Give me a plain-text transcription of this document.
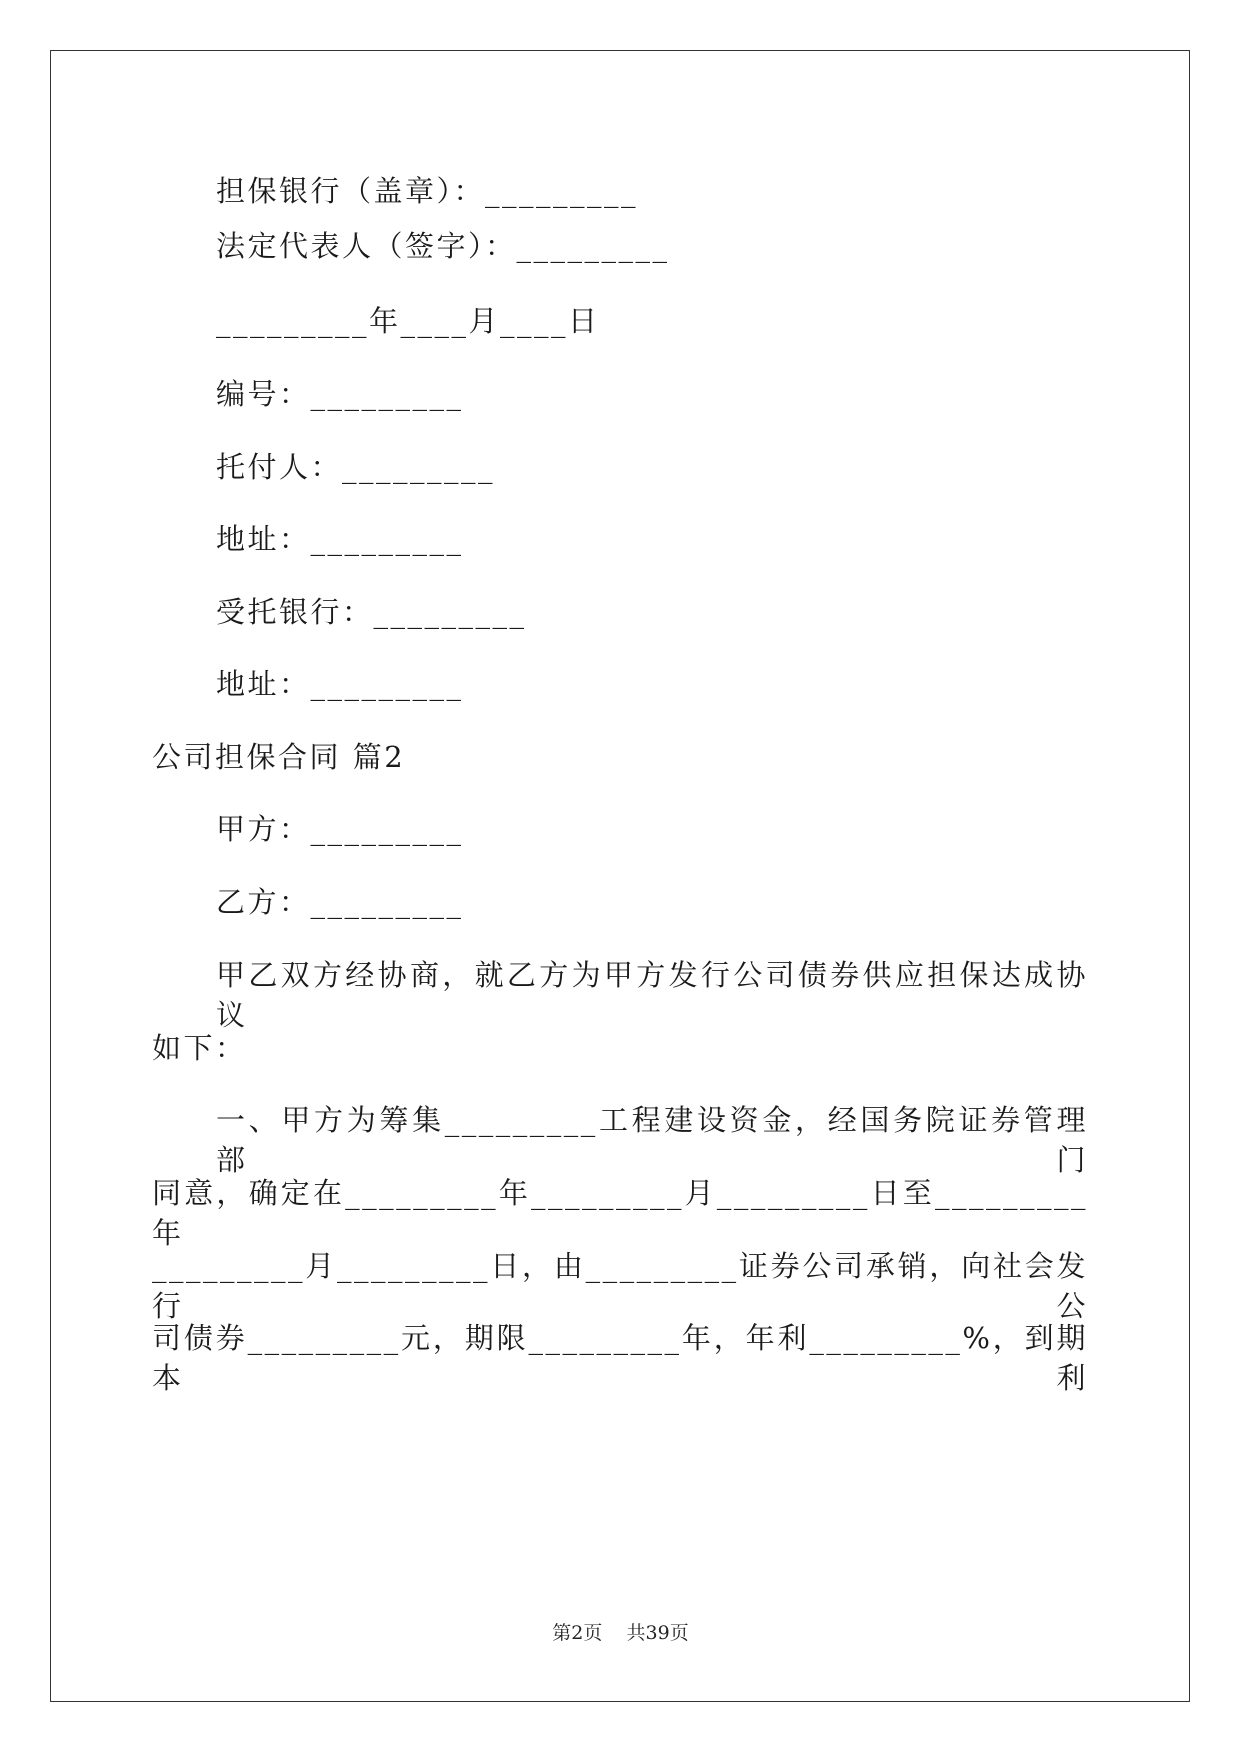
担保银行（盖章）：_________
法定代表人（签字）：_________
_________年____月____日
编号：_________
托付人：_________
地址：_________
受托银行：_________
地址：_________
公司担保合同 篇2
甲方：_________
乙方：_________
甲乙双方经协商，就乙方为甲方发行公司债券供应担保达成协议
如下：
一、甲方为筹集_________工程建设资金，经国务院证券管理部门
同意，确定在_________年_________月_________日至_________年
_________月_________日，由_________证券公司承销，向社会发行公
司债券_________元，期限_________年，年利_________%，到期本利
第2页    共39页
